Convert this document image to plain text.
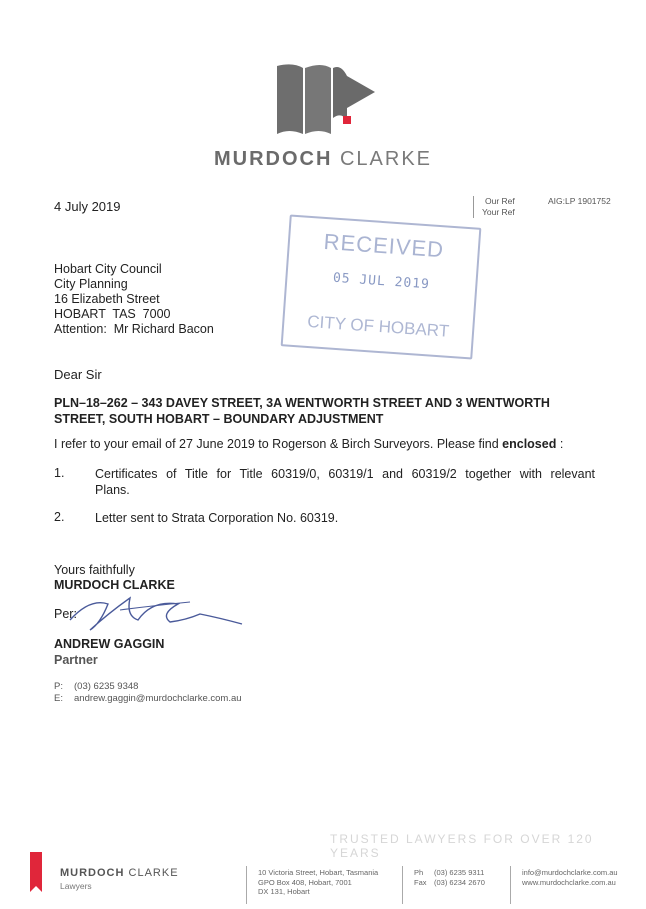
MURDOCH CLARKE
4 July 2019	Our Ref
Your Ref
AIG:LP 1901752
RECEIVED
05 JUL 2019
CITY OF HOBART
Hobart City Council
City Planning
16 Elizabeth Street
HOBART  TAS  7000
Attention:  Mr Richard Bacon
Dear Sir
PLN–18–262 – 343 DAVEY STREET, 3A WENTWORTH STREET AND 3 WENTWORTH
STREET, SOUTH HOBART – BOUNDARY ADJUSTMENT
I refer to your email of 27 June 2019 to Rogerson & Birch Surveyors. Please find enclosed :
1. Certificates of Title for Title 60319/0, 60319/1 and 60319/2 together with relevant
Plans.
2. Letter sent to Strata Corporation No. 60319.
Yours faithfully
MURDOCH CLARKE
Per:
ANDREW GAGGIN
Partner
P: (03) 6235 9348
E: andrew.gaggin@murdochclarke.com.au
TRUSTED LAWYERS FOR OVER 120 YEARS
MURDOCH CLARKE
Lawyers
10 Victoria Street, Hobart, Tasmania
GPO Box 408, Hobart, 7001
DX 131, Hobart
Ph (03) 6235 9311
Fax (03) 6234 2670
info@murdochclarke.com.au
www.murdochclarke.com.au
